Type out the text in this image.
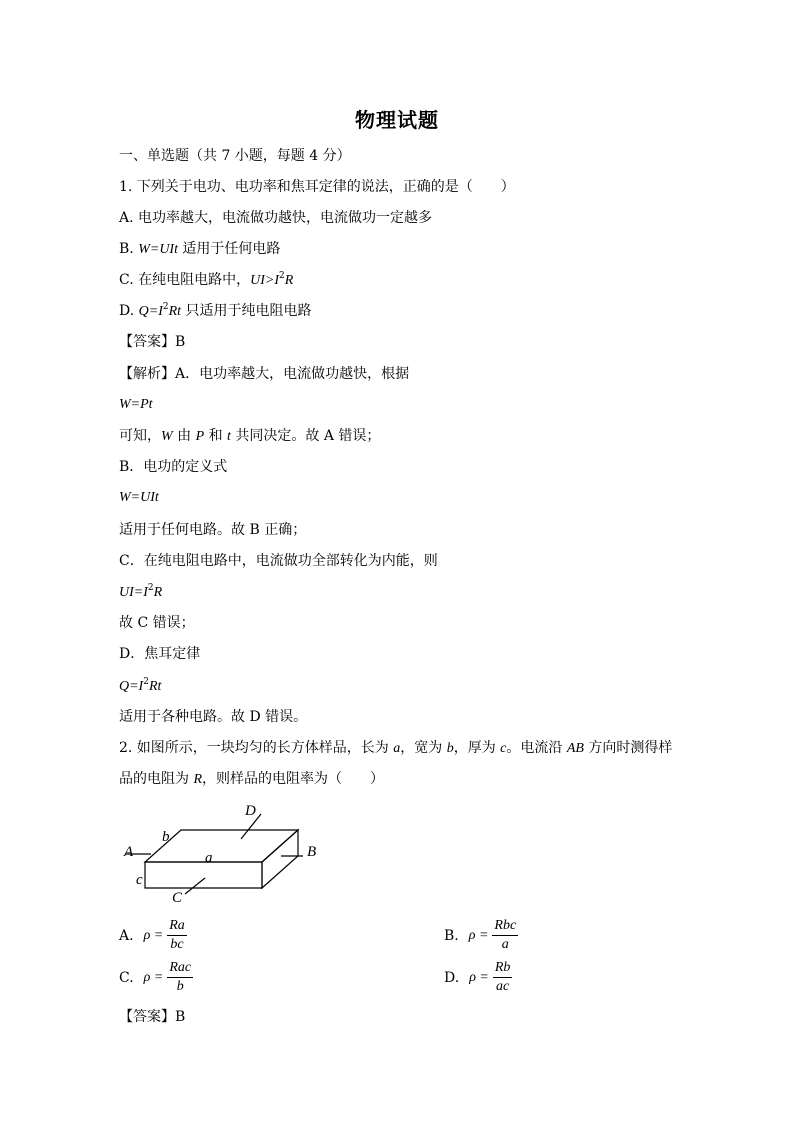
物理试题
一、单选题（共 7 小题，每题 4 分）
1. 下列关于电功、电功率和焦耳定律的说法，正确的是（　　）
A. 电功率越大，电流做功越快，电流做功一定越多
B. W=UIt 适用于任何电路
C. 在纯电阻电路中，$UI>I^2R$
D. $Q=I^2Rt$ 只适用于纯电阻电路
【答案】B
【解析】A．电功率越大，电流做功越快，根据
W=Pt
可知，W 由 P 和 t 共同决定。故 A 错误；
B．电功的定义式
W=UIt
适用于任何电路。故 B 正确；
C．在纯电阻电路中，电流做功全部转化为内能，则
$UI=I^2R$
故 C 错误；
D．焦耳定律
$Q=I^2Rt$
适用于各种电路。故 D 错误。
2. 如图所示，一块均匀的长方体样品，长为 a，宽为 b，厚为 c。电流沿 AB 方向时测得样
品的电阻为 R，则样品的电阻率为（　　）
A	B
C
D
a
b
c
A. $\rho = \frac{Ra}{bc}$	B. $\rho = \frac{\text{Rbc}}{a}$
C. $\rho = \frac{\text{Rac}}{b}$	D. $\rho = \frac{Rb}{ac}$
【答案】B
